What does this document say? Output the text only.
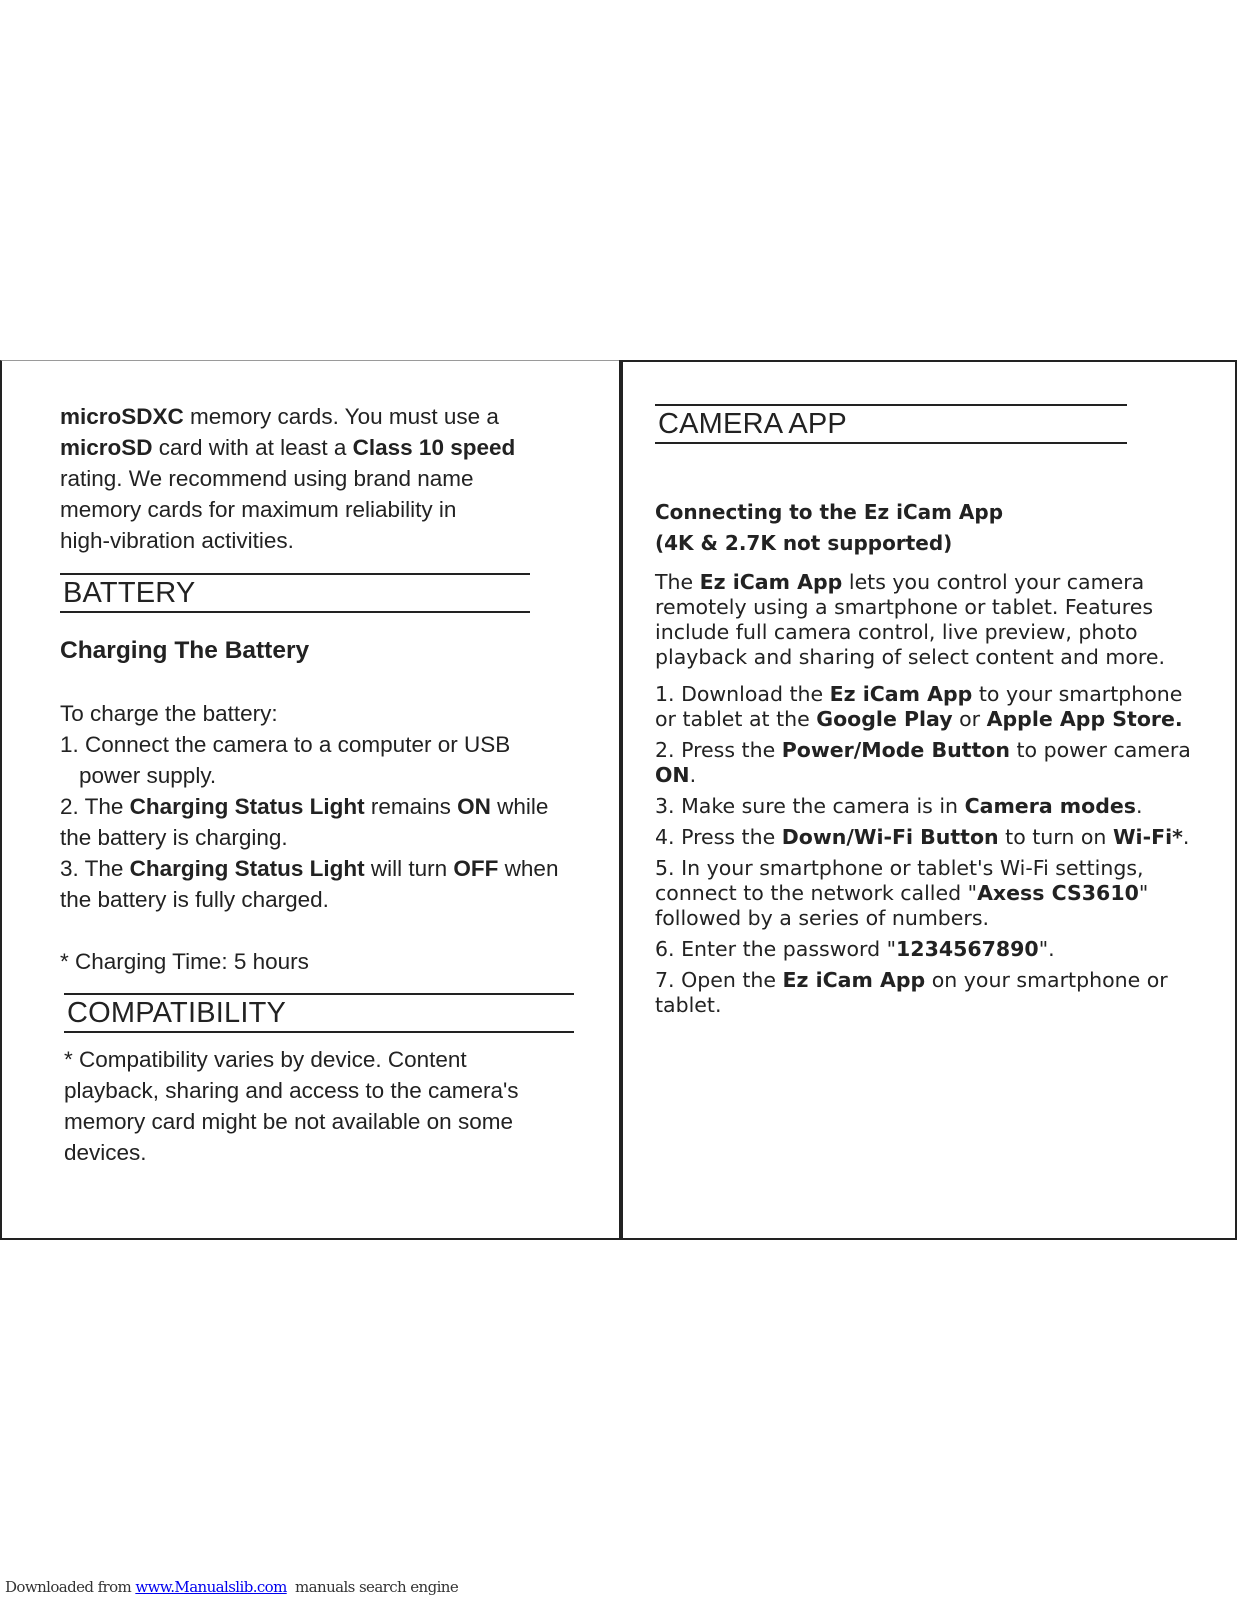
microSDXC memory cards. You must use a

microSD card with at least a Class 10 speed

rating. We recommend using brand name

memory cards for maximum reliability in

high-vibration activities.

BATTERY
Charging The Battery

To charge the battery:

1. Connect the camera to a computer or USB

power supply.

2. The Charging Status Light remains ON while

the battery is charging.

3. The Charging Status Light will turn OFF when

the battery is fully charged.

* Charging Time: 5 hours

COMPATIBILITY

* Compatibility varies by device. Content

playback, sharing and access to the camera's

memory card might be not available on some

devices.

CAMERA APP

Connecting to the Ez iCam App

(4K & 2.7K not supported)

The Ez iCam App lets you control your camera remotely using a smartphone or tablet. Features include full camera control, live preview, photo playback and sharing of select content and more.

1. Download the Ez iCam App to your smartphone or tablet at the Google Play or Apple App Store.

2. Press the Power/Mode Button to power camera ON.

3. Make sure the camera is in Camera modes.

4. Press the Down/Wi-Fi Button to turn on Wi-Fi*.

5. In your smartphone or tablet's Wi-Fi settings, connect to the network called "Axess CS3610" followed by a series of numbers.

6. Enter the password "1234567890".

7. Open the Ez iCam App on your smartphone or tablet.

Downloaded from www.Manualslib.com  manuals search engine
